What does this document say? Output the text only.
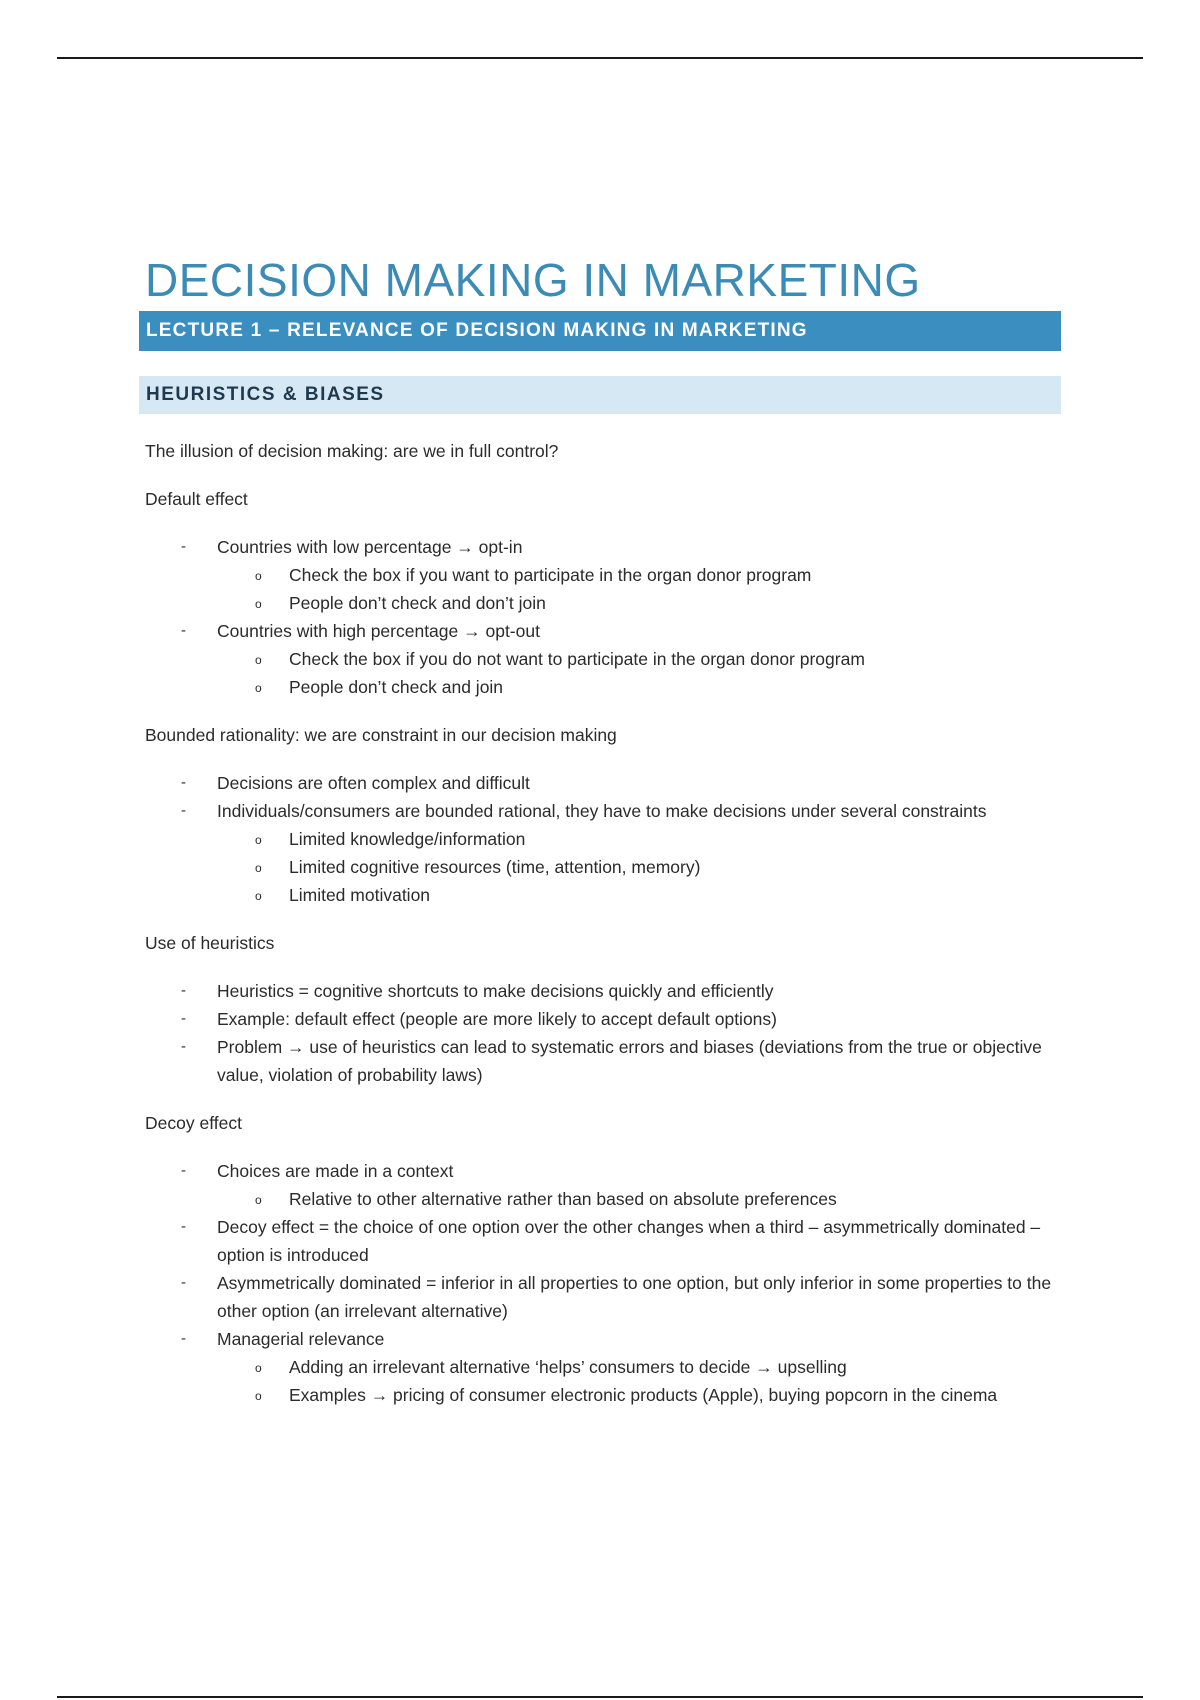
DECISION MAKING IN MARKETING
LECTURE 1 – RELEVANCE OF DECISION MAKING IN MARKETING
HEURISTICS & BIASES

The illusion of decision making: are we in full control?

Default effect

- Countries with low percentage → opt-in
o Check the box if you want to participate in the organ donor program
o People don’t check and don’t join
- Countries with high percentage → opt-out
o Check the box if you do not want to participate in the organ donor program
o People don’t check and join

Bounded rationality: we are constraint in our decision making

- Decisions are often complex and difficult
- Individuals/consumers are bounded rational, they have to make decisions under several constraints
o Limited knowledge/information
o Limited cognitive resources (time, attention, memory)
o Limited motivation

Use of heuristics

- Heuristics = cognitive shortcuts to make decisions quickly and efficiently
- Example: default effect (people are more likely to accept default options)
- Problem → use of heuristics can lead to systematic errors and biases (deviations from the true or objective value, violation of probability laws)

Decoy effect

- Choices are made in a context
o Relative to other alternative rather than based on absolute preferences
- Decoy effect = the choice of one option over the other changes when a third – asymmetrically dominated – option is introduced
- Asymmetrically dominated = inferior in all properties to one option, but only inferior in some properties to the other option (an irrelevant alternative)
- Managerial relevance
o Adding an irrelevant alternative ‘helps’ consumers to decide → upselling
o Examples → pricing of consumer electronic products (Apple), buying popcorn in the cinema
